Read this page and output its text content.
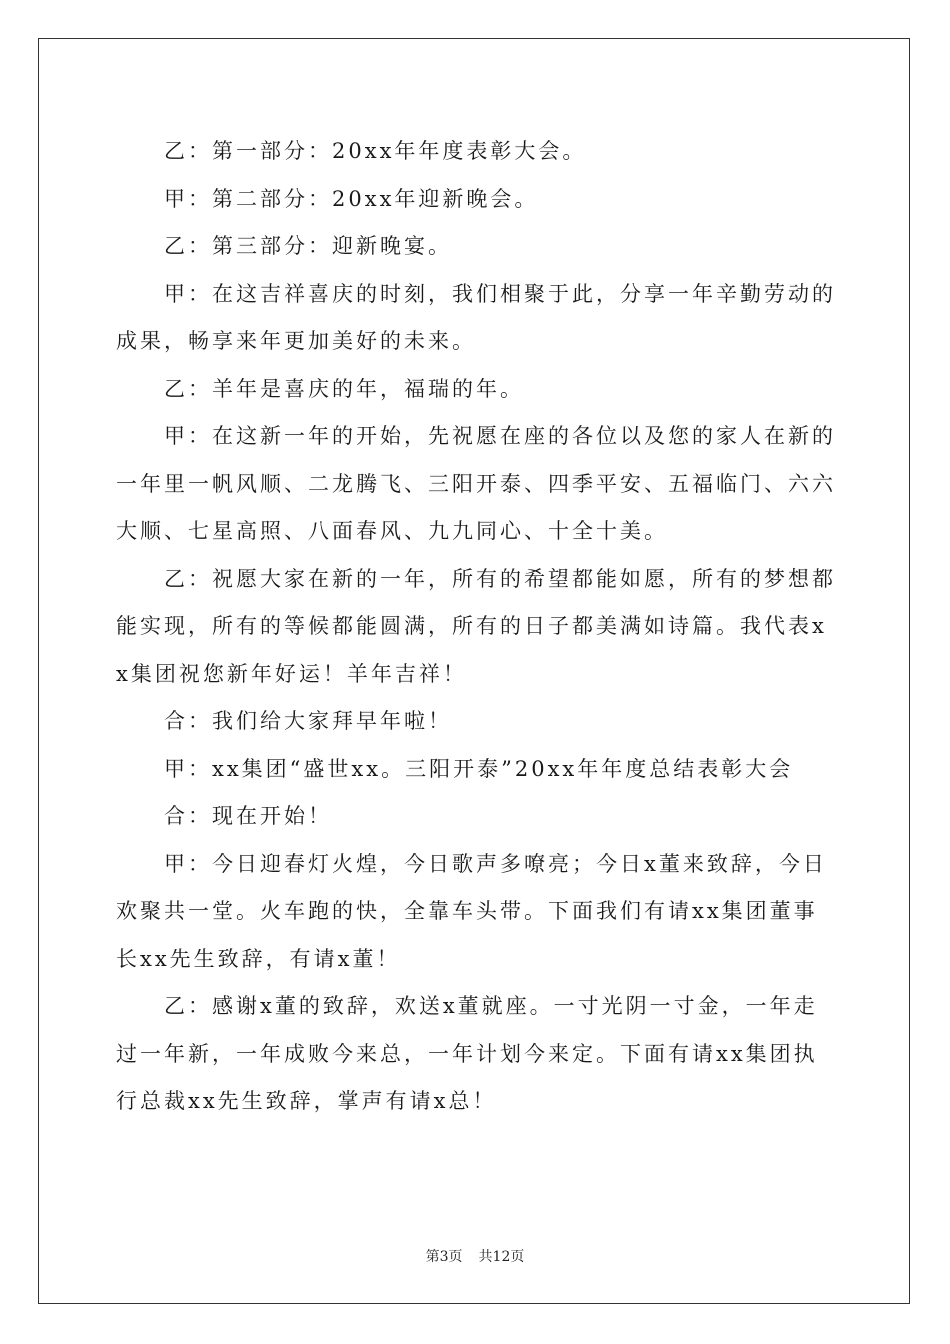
乙：第一部分：20xx年年度表彰大会。

甲：第二部分：20xx年迎新晚会。

乙：第三部分：迎新晚宴。

甲：在这吉祥喜庆的时刻，我们相聚于此，分享一年辛勤劳动的成果，畅享来年更加美好的未来。

乙：羊年是喜庆的年，福瑞的年。

甲：在这新一年的开始，先祝愿在座的各位以及您的家人在新的一年里一帆风顺、二龙腾飞、三阳开泰、四季平安、五福临门、六六大顺、七星高照、八面春风、九九同心、十全十美。

乙：祝愿大家在新的一年，所有的希望都能如愿，所有的梦想都能实现，所有的等候都能圆满，所有的日子都美满如诗篇。我代表xx集团祝您新年好运！羊年吉祥！

合：我们给大家拜早年啦！

甲：xx集团“盛世xx。三阳开泰”20xx年年度总结表彰大会

合：现在开始！

甲：今日迎春灯火煌，今日歌声多嘹亮；今日x董来致辞，今日欢聚共一堂。火车跑的快，全靠车头带。下面我们有请xx集团董事长xx先生致辞，有请x董！

乙：感谢x董的致辞，欢送x董就座。一寸光阴一寸金，一年走过一年新，一年成败今来总，一年计划今来定。下面有请xx集团执行总裁xx先生致辞，掌声有请x总！

第3页 共12页
